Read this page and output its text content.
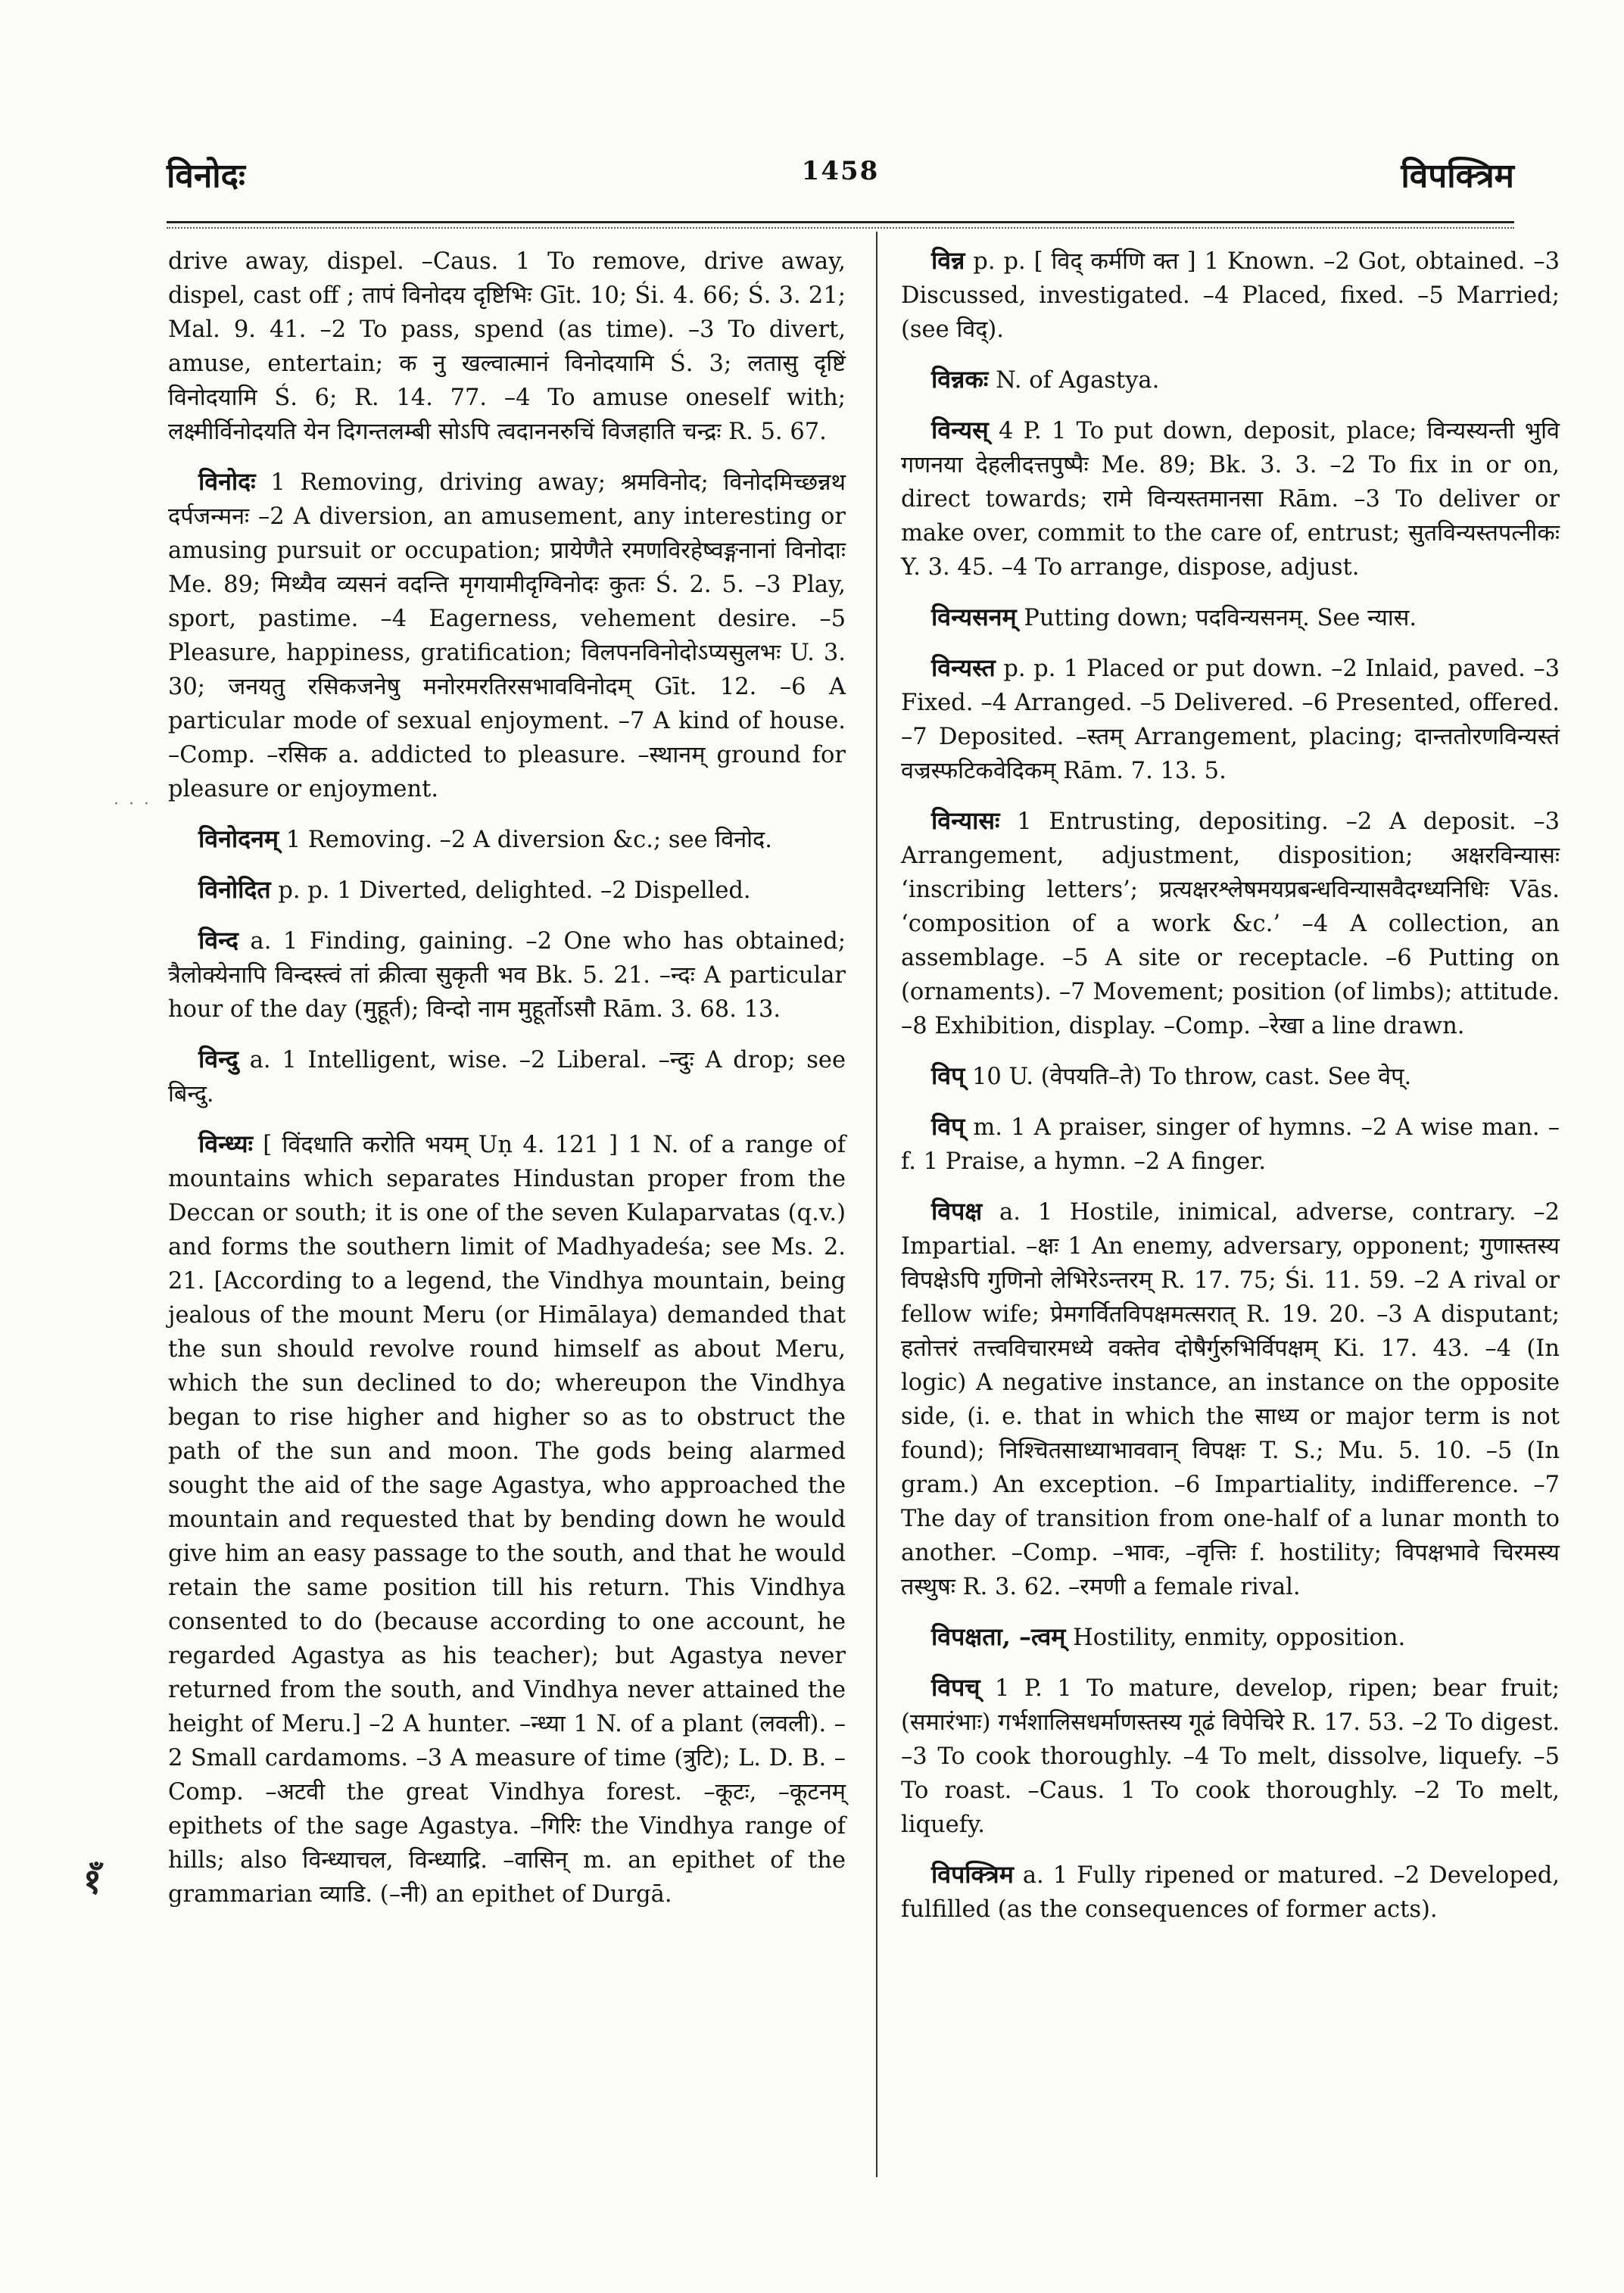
विनोदः	1458	विपक्त्रिम
· · ·
१ँ

drive away, dispel. –Caus. 1 To remove, drive away, dispel, cast off ; तापं विनोदय दृष्टिभिः Gīt. 10; Śi. 4. 66; Ś. 3. 21; Mal. 9. 41. –2 To pass, spend (as time). –3 To divert, amuse, entertain; क नु खल्वात्मानं विनोदयामि Ś. 3; लतासु दृष्टिं विनोदयामि Ś. 6; R. 14. 77. –4 To amuse oneself with; लक्ष्मीर्विनोदयति येन दिगन्तलम्बी सोऽपि त्वदाननरुचिं विजहाति चन्द्रः R. 5. 67.

विनोदः 1 Removing, driving away; श्रमविनोद; विनोदमिच्छन्नथ दर्पजन्मनः –2 A diversion, an amusement, any interesting or amusing pursuit or occupation; प्रायेणैते रमणविरहेष्वङ्गनानां विनोदाः Me. 89; मिथ्यैव व्यसनं वदन्ति मृगयामीदृग्विनोदः कुतः Ś. 2. 5. –3 Play, sport, pastime. –4 Eagerness, vehement desire. –5 Pleasure, happiness, gratification; विलपनविनोदोऽप्यसुलभः U. 3. 30; जनयतु रसिकजनेषु मनोरमरतिरसभावविनोदम् Gīt. 12. –6 A particular mode of sexual enjoyment. –7 A kind of house. –Comp. –रसिक a. addicted to pleasure. –स्थानम् ground for pleasure or enjoyment.

विनोदनम् 1 Removing. –2 A diversion &c.; see विनोद.

विनोदित p. p. 1 Diverted, delighted. –2 Dispelled.

विन्द a. 1 Finding, gaining. –2 One who has obtained; त्रैलोक्येनापि विन्दस्त्वं तां क्रीत्वा सुकृती भव Bk. 5. 21. –न्दः A particular hour of the day (मुहूर्त); विन्दो नाम मुहूर्तोऽसौ Rām. 3. 68. 13.

विन्दु a. 1 Intelligent, wise. –2 Liberal. –न्दुः A drop; see बिन्दु.

विन्ध्यः [ विंदधाति करोति भयम् Uṇ 4. 121 ] 1 N. of a range of mountains which separates Hindustan proper from the Deccan or south; it is one of the seven Kulaparvatas (q.v.) and forms the southern limit of Madhyadeśa; see Ms. 2. 21. [According to a legend, the Vindhya mountain, being jealous of the mount Meru (or Himālaya) demanded that the sun should revolve round himself as about Meru, which the sun declined to do; whereupon the Vindhya began to rise higher and higher so as to obstruct the path of the sun and moon. The gods being alarmed sought the aid of the sage Agastya, who approached the mountain and requested that by bending down he would give him an easy passage to the south, and that he would retain the same position till his return. This Vindhya consented to do (because according to one account, he regarded Agastya as his teacher); but Agastya never returned from the south, and Vindhya never attained the height of Meru.] –2 A hunter. –न्ध्या 1 N. of a plant (लवली). –2 Small cardamoms. –3 A measure of time (त्रुटि); L. D. B. –Comp. –अटवी the great Vindhya forest. –कूटः, –कूटनम् epithets of the sage Agastya. –गिरिः the Vindhya range of hills; also विन्ध्याचल, विन्ध्याद्रि. –वासिन् m. an epithet of the grammarian व्याडि. (–नी) an epithet of Durgā.

विन्न p. p. [ विद् कर्मणि क्त ] 1 Known. –2 Got, obtained. –3 Discussed, investigated. –4 Placed, fixed. –5 Married; (see विद्).

विन्नकः N. of Agastya.

विन्यस् 4 P. 1 To put down, deposit, place; विन्यस्यन्ती भुवि गणनया देहलीदत्तपुष्पैः Me. 89; Bk. 3. 3. –2 To fix in or on, direct towards; रामे विन्यस्तमानसा Rām. –3 To deliver or make over, commit to the care of, entrust; सुतविन्यस्तपत्नीकः Y. 3. 45. –4 To arrange, dispose, adjust.

विन्यसनम् Putting down; पदविन्यसनम्. See न्यास.

विन्यस्त p. p. 1 Placed or put down. –2 Inlaid, paved. –3 Fixed. –4 Arranged. –5 Delivered. –6 Presented, offered. –7 Deposited. –स्तम् Arrangement, placing; दान्ततोरणविन्यस्तं वज्रस्फटिकवेदिकम् Rām. 7. 13. 5.

विन्यासः 1 Entrusting, depositing. –2 A deposit. –3 Arrangement, adjustment, disposition; अक्षरविन्यासः ‘inscribing letters’; प्रत्यक्षरश्लेषमयप्रबन्धविन्यासवैदग्ध्यनिधिः Vās. ‘composition of a work &c.’ –4 A collection, an assemblage. –5 A site or receptacle. –6 Putting on (ornaments). –7 Movement; position (of limbs); attitude. –8 Exhibition, display. –Comp. –रेखा a line drawn.

विप् 10 U. (वेपयति–ते) To throw, cast. See वेप्.

विप् m. 1 A praiser, singer of hymns. –2 A wise man. –f. 1 Praise, a hymn. –2 A finger.

विपक्ष a. 1 Hostile, inimical, adverse, contrary. –2 Impartial. –क्षः 1 An enemy, adversary, opponent; गुणास्तस्य विपक्षेऽपि गुणिनो लेभिरेऽन्तरम् R. 17. 75; Śi. 11. 59. –2 A rival or fellow wife; प्रेमगर्वितविपक्षमत्सरात् R. 19. 20. –3 A disputant; हतोत्तरं तत्त्वविचारमध्ये वक्तेव दोषैर्गुरुभिर्विपक्षम् Ki. 17. 43. –4 (In logic) A negative instance, an instance on the opposite side, (i. e. that in which the साध्य or major term is not found); निश्चितसाध्याभाववान् विपक्षः T. S.; Mu. 5. 10. –5 (In gram.) An exception. –6 Impartiality, indifference. –7 The day of transition from one-half of a lunar month to another. –Comp. –भावः, –वृत्तिः f. hostility; विपक्षभावे चिरमस्य तस्थुषः R. 3. 62. –रमणी a female rival.

विपक्षता, –त्वम् Hostility, enmity, opposition.

विपच् 1 P. 1 To mature, develop, ripen; bear fruit; (समारंभाः) गर्भशालिसधर्माणस्तस्य गूढं विपेचिरे R. 17. 53. –2 To digest. –3 To cook thoroughly. –4 To melt, dissolve, liquefy. –5 To roast. –Caus. 1 To cook thoroughly. –2 To melt, liquefy.

विपक्त्रिम a. 1 Fully ripened or matured. –2 Developed, fulfilled (as the consequences of former acts).
